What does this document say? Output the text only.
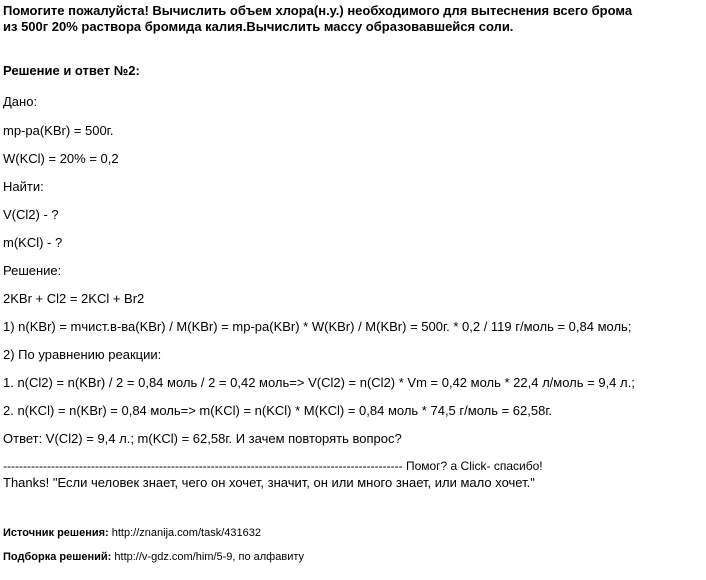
Помогите пожалуйста! Вычислить объем хлора(н.у.) необходимого для вытеснения всего брома
из 500г 20% раствора бромида калия.Вычислить массу образовавшейся соли.
Решение и ответ №2:
Дано:
mр-ра(KBr) = 500г.
W(KCl) = 20% = 0,2
Найти:
V(Cl2) - ?
m(KCl) - ?
Решение:
2KBr + Cl2 = 2KCl + Br2
1) n(KBr) = mчист.в-ва(KBr) / M(KBr) = mр-ра(KBr) * W(KBr) / M(KBr) = 500г. * 0,2 / 119 г/моль = 0,84 моль;
2) По уравнению реакции:
1. n(Cl2) = n(KBr) / 2 = 0,84 моль / 2 = 0,42 моль=> V(Cl2) = n(Cl2) * Vm = 0,42 моль * 22,4 л/моль = 9,4 л.;
2. n(KCl) = n(KBr) = 0,84 моль=> m(KCl) = n(KCl) * M(KCl) = 0,84 моль * 74,5 г/моль = 62,58г.
Ответ: V(Cl2) = 9,4 л.; m(KCl) = 62,58г. И зачем повторять вопрос?
---------------------------------------------------------------------------------------------------- Помог? а Click- спасибо!
Thanks! "Если человек знает, чего он хочет, значит, он или много знает, или мало хочет."
Источник решения: http://znanija.com/task/431632
Подборка решений: http://v-gdz.com/him/5-9, по алфавиту
